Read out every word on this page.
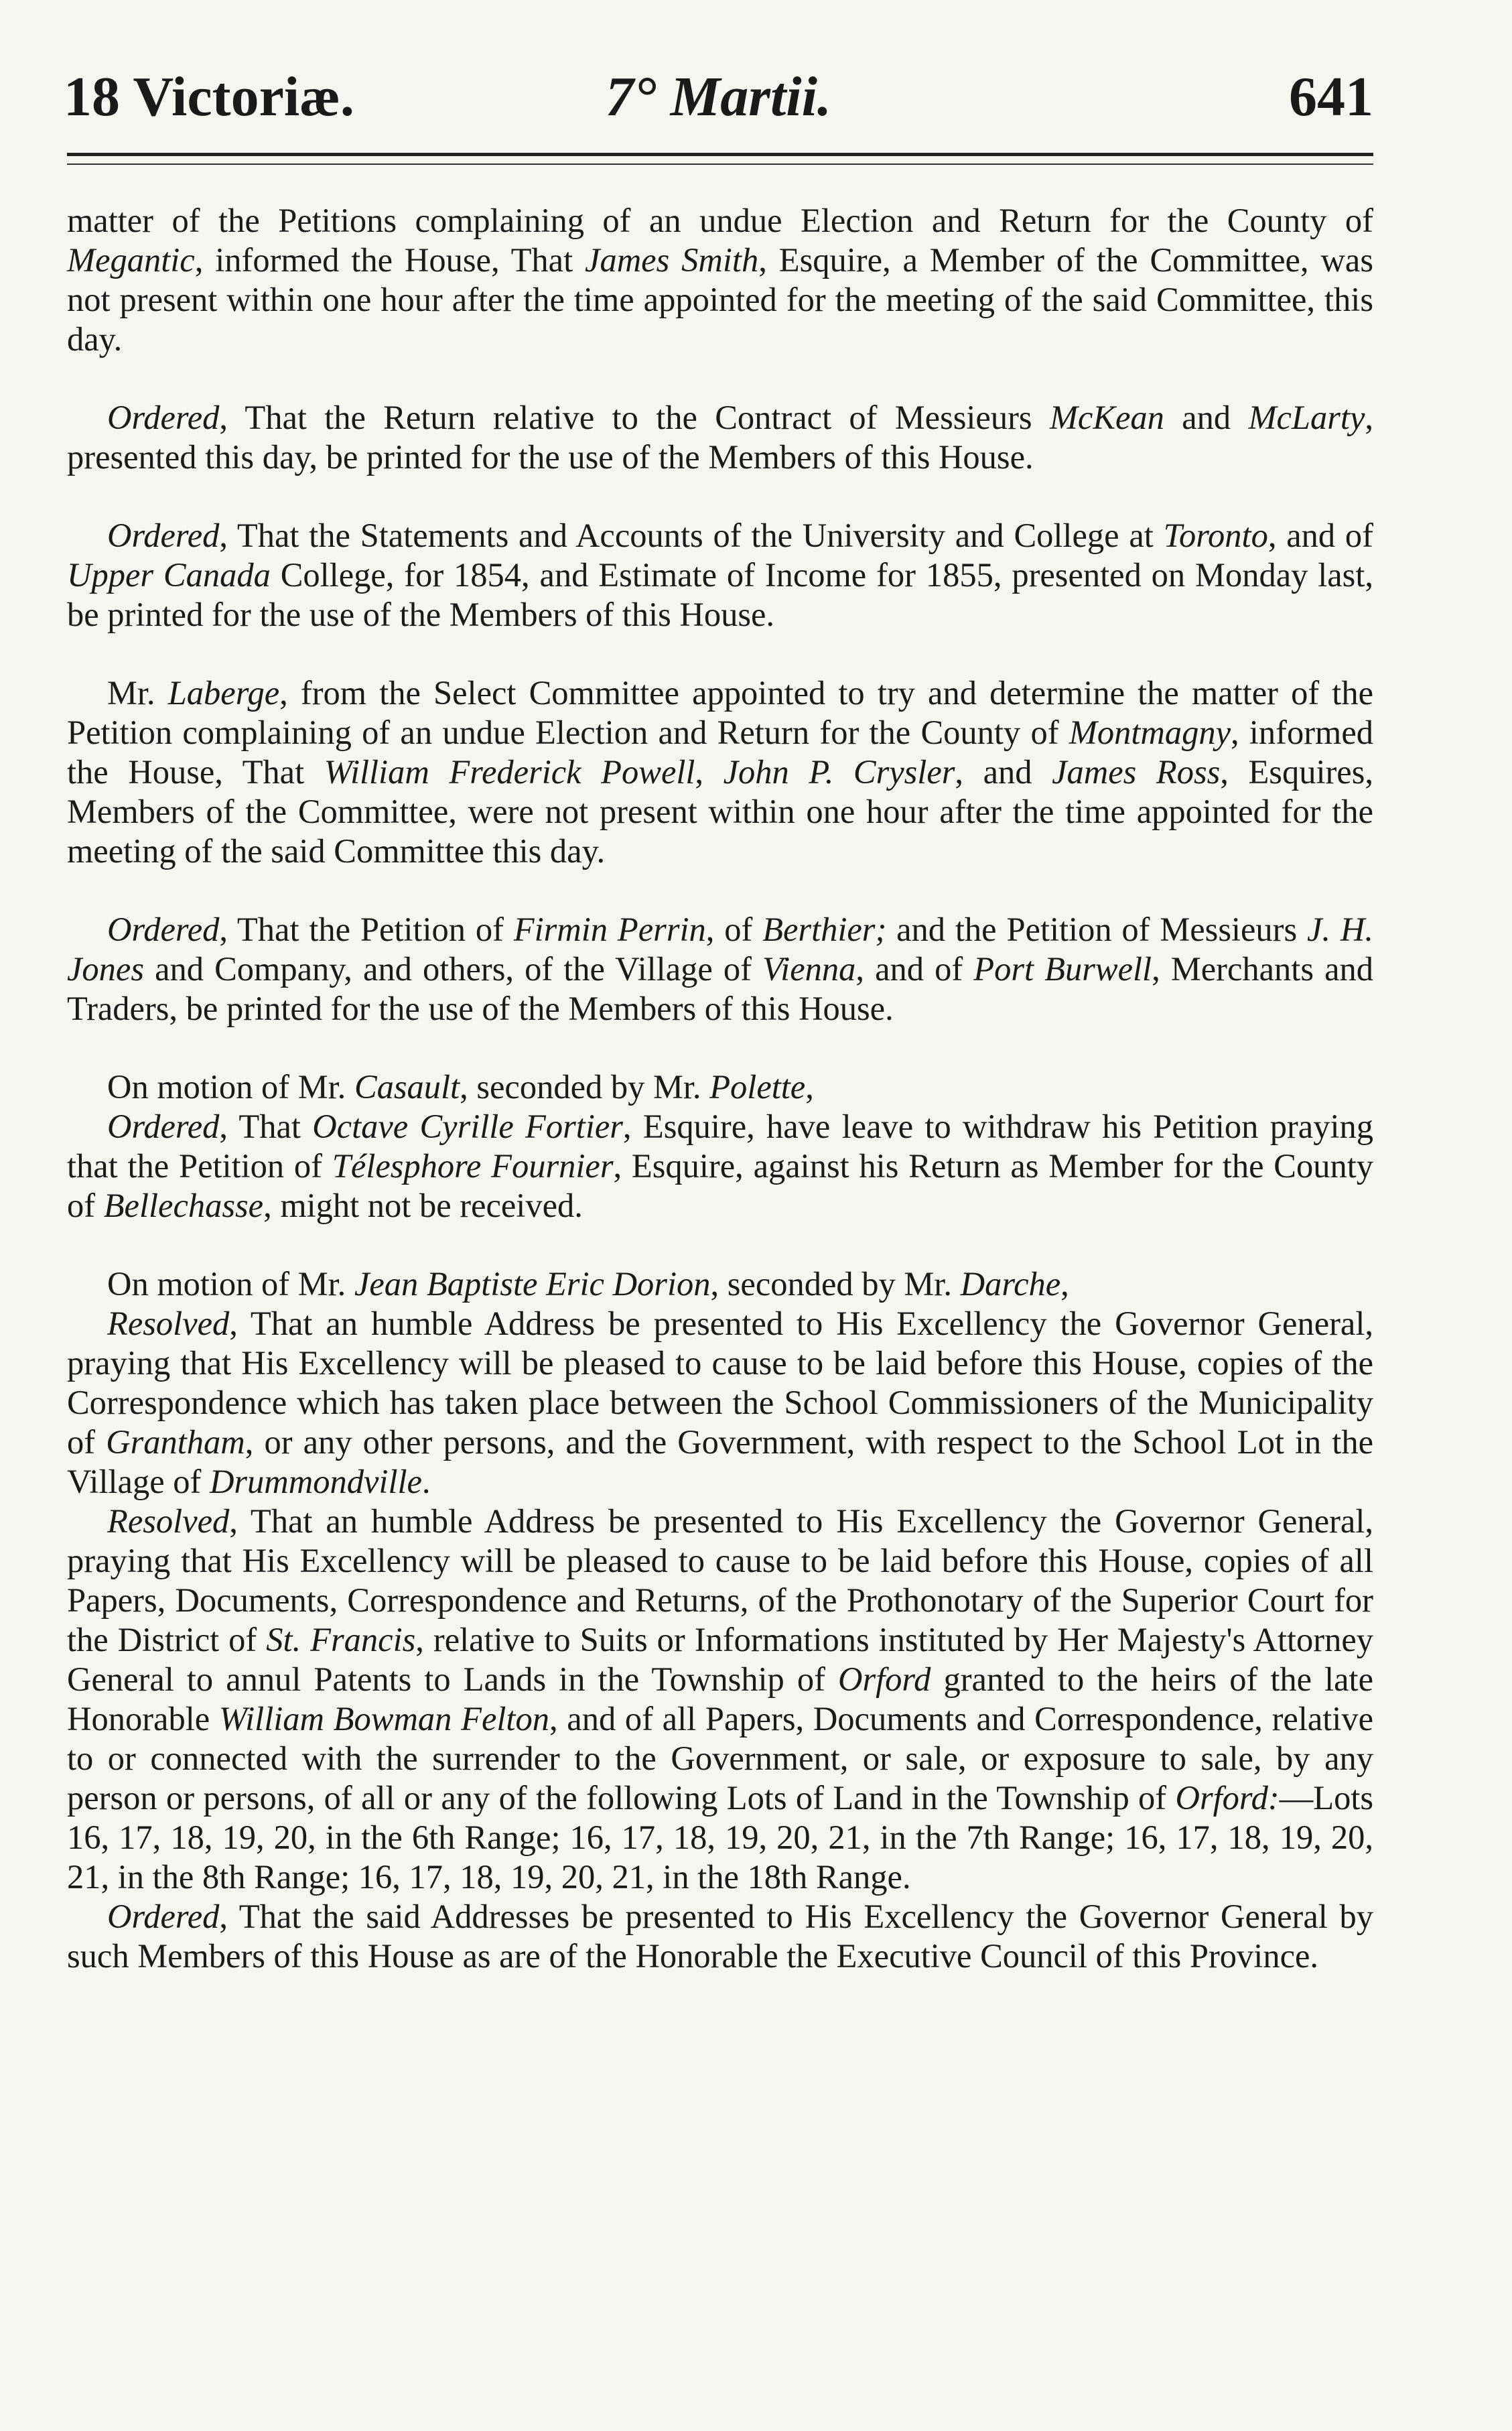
18 Victoriæ.	7° Martii.	641

matter of the Petitions complaining of an undue Election and Return for the County of Megantic, informed the House, That James Smith, Esquire, a Member of the Committee, was not present within one hour after the time appointed for the meeting of the said Committee, this day.

Ordered, That the Return relative to the Contract of Messieurs McKean and McLarty, presented this day, be printed for the use of the Members of this House.

Ordered, That the Statements and Accounts of the University and College at Toronto, and of Upper Canada College, for 1854, and Estimate of Income for 1855, presented on Monday last, be printed for the use of the Members of this House.

Mr. Laberge, from the Select Committee appointed to try and determine the matter of the Petition complaining of an undue Election and Return for the County of Montmagny, informed the House, That William Frederick Powell, John P. Crysler, and James Ross, Esquires, Members of the Committee, were not present within one hour after the time appointed for the meeting of the said Committee this day.

Ordered, That the Petition of Firmin Perrin, of Berthier; and the Petition of Messieurs J. H. Jones and Company, and others, of the Village of Vienna, and of Port Burwell, Merchants and Traders, be printed for the use of the Members of this House.

On motion of Mr. Casault, seconded by Mr. Polette,

Ordered, That Octave Cyrille Fortier, Esquire, have leave to withdraw his Petition praying that the Petition of Télesphore Fournier, Esquire, against his Return as Member for the County of Bellechasse, might not be received.

On motion of Mr. Jean Baptiste Eric Dorion, seconded by Mr. Darche,

Resolved, That an humble Address be presented to His Excellency the Governor General, praying that His Excellency will be pleased to cause to be laid before this House, copies of the Correspondence which has taken place between the School Commissioners of the Municipality of Grantham, or any other persons, and the Government, with respect to the School Lot in the Village of Drummondville.

Resolved, That an humble Address be presented to His Excellency the Governor General, praying that His Excellency will be pleased to cause to be laid before this House, copies of all Papers, Documents, Correspondence and Returns, of the Prothonotary of the Superior Court for the District of St. Francis, relative to Suits or Informations instituted by Her Majesty's Attorney General to annul Patents to Lands in the Township of Orford granted to the heirs of the late Honorable William Bowman Felton, and of all Papers, Documents and Correspondence, relative to or connected with the surrender to the Government, or sale, or exposure to sale, by any person or persons, of all or any of the following Lots of Land in the Township of Orford:—Lots 16, 17, 18, 19, 20, in the 6th Range; 16, 17, 18, 19, 20, 21, in the 7th Range; 16, 17, 18, 19, 20, 21, in the 8th Range; 16, 17, 18, 19, 20, 21, in the 18th Range.

Ordered, That the said Addresses be presented to His Excellency the Governor General by such Members of this House as are of the Honorable the Executive Council of this Province.
